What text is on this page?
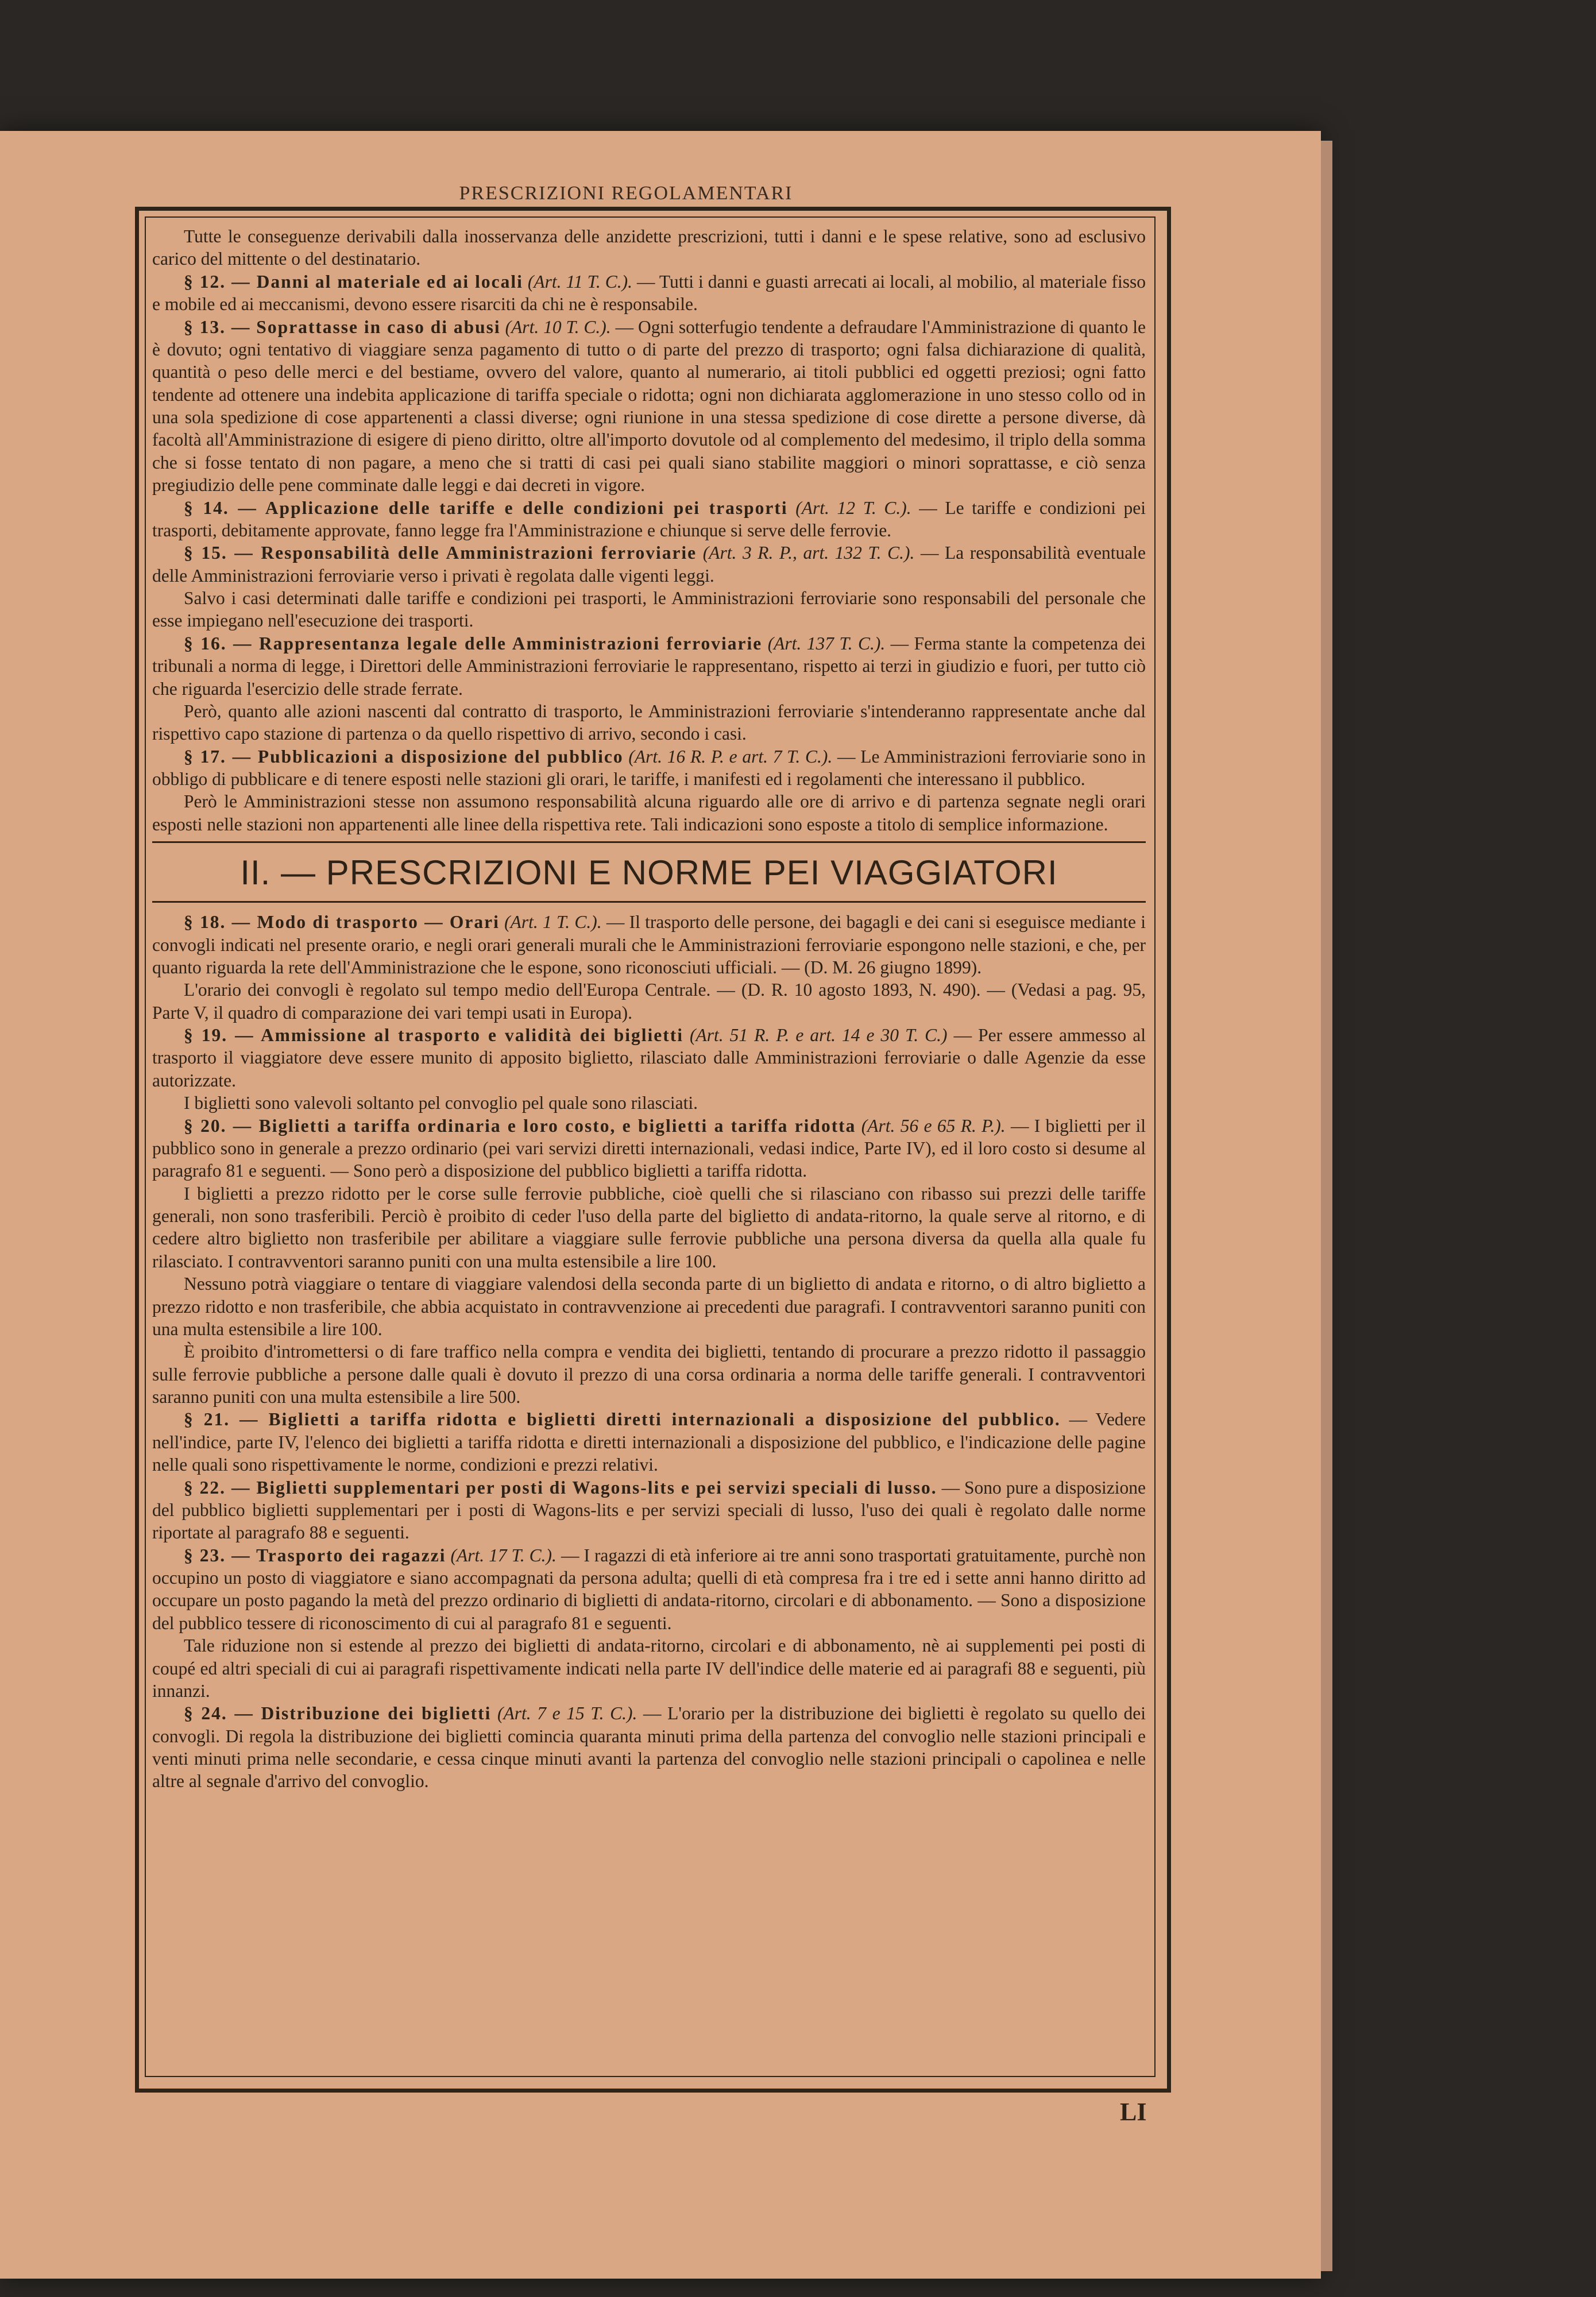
PRESCRIZIONI REGOLAMENTARI

Tutte le conseguenze derivabili dalla inosservanza delle anzidette prescrizioni, tutti i danni e le spese relative, sono ad esclusivo carico del mittente o del destinatario.

§ 12. — Danni al materiale ed ai locali (Art. 11 T. C.). — Tutti i danni e guasti arrecati ai locali, al mobilio, al materiale fisso e mobile ed ai meccanismi, devono essere risarciti da chi ne è responsabile.

§ 13. — Soprattasse in caso di abusi (Art. 10 T. C.). — Ogni sotterfugio tendente a defraudare l'Amministrazione di quanto le è dovuto; ogni tentativo di viaggiare senza pagamento di tutto o di parte del prezzo di trasporto; ogni falsa dichiarazione di qualità, quantità o peso delle merci e del bestiame, ovvero del valore, quanto al numerario, ai titoli pubblici ed oggetti preziosi; ogni fatto tendente ad ottenere una indebita applicazione di tariffa speciale o ridotta; ogni non dichiarata agglomerazione in uno stesso collo od in una sola spedizione di cose appartenenti a classi diverse; ogni riunione in una stessa spedizione di cose dirette a persone diverse, dà facoltà all'Amministrazione di esigere di pieno diritto, oltre all'importo dovutole od al complemento del medesimo, il triplo della somma che si fosse tentato di non pagare, a meno che si tratti di casi pei quali siano stabilite maggiori o minori soprattasse, e ciò senza pregiudizio delle pene comminate dalle leggi e dai decreti in vigore.

§ 14. — Applicazione delle tariffe e delle condizioni pei trasporti (Art. 12 T. C.). — Le tariffe e condizioni pei trasporti, debitamente approvate, fanno legge fra l'Amministrazione e chiunque si serve delle ferrovie.

§ 15. — Responsabilità delle Amministrazioni ferroviarie (Art. 3 R. P., art. 132 T. C.). — La responsabilità eventuale delle Amministrazioni ferroviarie verso i privati è regolata dalle vigenti leggi.

Salvo i casi determinati dalle tariffe e condizioni pei trasporti, le Amministrazioni ferroviarie sono responsabili del personale che esse impiegano nell'esecuzione dei trasporti.

§ 16. — Rappresentanza legale delle Amministrazioni ferroviarie (Art. 137 T. C.). — Ferma stante la competenza dei tribunali a norma di legge, i Direttori delle Amministrazioni ferroviarie le rappresentano, rispetto ai terzi in giudizio e fuori, per tutto ciò che riguarda l'esercizio delle strade ferrate.

Però, quanto alle azioni nascenti dal contratto di trasporto, le Amministrazioni ferroviarie s'intenderanno rappresentate anche dal rispettivo capo stazione di partenza o da quello rispettivo di arrivo, secondo i casi.

§ 17. — Pubblicazioni a disposizione del pubblico (Art. 16 R. P. e art. 7 T. C.). — Le Amministrazioni ferroviarie sono in obbligo di pubblicare e di tenere esposti nelle stazioni gli orari, le tariffe, i manifesti ed i regolamenti che interessano il pubblico.

Però le Amministrazioni stesse non assumono responsabilità alcuna riguardo alle ore di arrivo e di partenza segnate negli orari esposti nelle stazioni non appartenenti alle linee della rispettiva rete. Tali indicazioni sono esposte a titolo di semplice informazione.

II. — PRESCRIZIONI E NORME PEI VIAGGIATORI

§ 18. — Modo di trasporto — Orari (Art. 1 T. C.). — Il trasporto delle persone, dei bagagli e dei cani si eseguisce mediante i convogli indicati nel presente orario, e negli orari generali murali che le Amministrazioni ferroviarie espongono nelle stazioni, e che, per quanto riguarda la rete dell'Amministrazione che le espone, sono riconosciuti ufficiali. — (D. M. 26 giugno 1899).

L'orario dei convogli è regolato sul tempo medio dell'Europa Centrale. — (D. R. 10 agosto 1893, N. 490). — (Vedasi a pag. 95, Parte V, il quadro di comparazione dei vari tempi usati in Europa).

§ 19. — Ammissione al trasporto e validità dei biglietti (Art. 51 R. P. e art. 14 e 30 T. C.) — Per essere ammesso al trasporto il viaggiatore deve essere munito di apposito biglietto, rilasciato dalle Amministrazioni ferroviarie o dalle Agenzie da esse autorizzate.

I biglietti sono valevoli soltanto pel convoglio pel quale sono rilasciati.

§ 20. — Biglietti a tariffa ordinaria e loro costo, e biglietti a tariffa ridotta (Art. 56 e 65 R. P.). — I biglietti per il pubblico sono in generale a prezzo ordinario (pei vari servizi diretti internazionali, vedasi indice, Parte IV), ed il loro costo si desume al paragrafo 81 e seguenti. — Sono però a disposizione del pubblico biglietti a tariffa ridotta.

I biglietti a prezzo ridotto per le corse sulle ferrovie pubbliche, cioè quelli che si rilasciano con ribasso sui prezzi delle tariffe generali, non sono trasferibili. Perciò è proibito di ceder l'uso della parte del biglietto di andata-ritorno, la quale serve al ritorno, e di cedere altro biglietto non trasferibile per abilitare a viaggiare sulle ferrovie pubbliche una persona diversa da quella alla quale fu rilasciato. I contravventori saranno puniti con una multa estensibile a lire 100.

Nessuno potrà viaggiare o tentare di viaggiare valendosi della seconda parte di un biglietto di andata e ritorno, o di altro biglietto a prezzo ridotto e non trasferibile, che abbia acquistato in contravvenzione ai precedenti due paragrafi. I contravventori saranno puniti con una multa estensibile a lire 100.

È proibito d'intromettersi o di fare traffico nella compra e vendita dei biglietti, tentando di procurare a prezzo ridotto il passaggio sulle ferrovie pubbliche a persone dalle quali è dovuto il prezzo di una corsa ordinaria a norma delle tariffe generali. I contravventori saranno puniti con una multa estensibile a lire 500.

§ 21. — Biglietti a tariffa ridotta e biglietti diretti internazionali a disposizione del pubblico. — Vedere nell'indice, parte IV, l'elenco dei biglietti a tariffa ridotta e diretti internazionali a disposizione del pubblico, e l'indicazione delle pagine nelle quali sono rispettivamente le norme, condizioni e prezzi relativi.

§ 22. — Biglietti supplementari per posti di Wagons-lits e pei servizi speciali di lusso. — Sono pure a disposizione del pubblico biglietti supplementari per i posti di Wagons-lits e per servizi speciali di lusso, l'uso dei quali è regolato dalle norme riportate al paragrafo 88 e seguenti.

§ 23. — Trasporto dei ragazzi (Art. 17 T. C.). — I ragazzi di età inferiore ai tre anni sono trasportati gratuitamente, purchè non occupino un posto di viaggiatore e siano accompagnati da persona adulta; quelli di età compresa fra i tre ed i sette anni hanno diritto ad occupare un posto pagando la metà del prezzo ordinario di biglietti di andata-ritorno, circolari e di abbonamento. — Sono a disposizione del pubblico tessere di riconoscimento di cui al paragrafo 81 e seguenti.

Tale riduzione non si estende al prezzo dei biglietti di andata-ritorno, circolari e di abbonamento, nè ai supplementi pei posti di coupé ed altri speciali di cui ai paragrafi rispettivamente indicati nella parte IV dell'indice delle materie ed ai paragrafi 88 e seguenti, più innanzi.

§ 24. — Distribuzione dei biglietti (Art. 7 e 15 T. C.). — L'orario per la distribuzione dei biglietti è regolato su quello dei convogli. Di regola la distribuzione dei biglietti comincia quaranta minuti prima della partenza del convoglio nelle stazioni principali e venti minuti prima nelle secondarie, e cessa cinque minuti avanti la partenza del convoglio nelle stazioni principali o capolinea e nelle altre al segnale d'arrivo del convoglio.

LI
